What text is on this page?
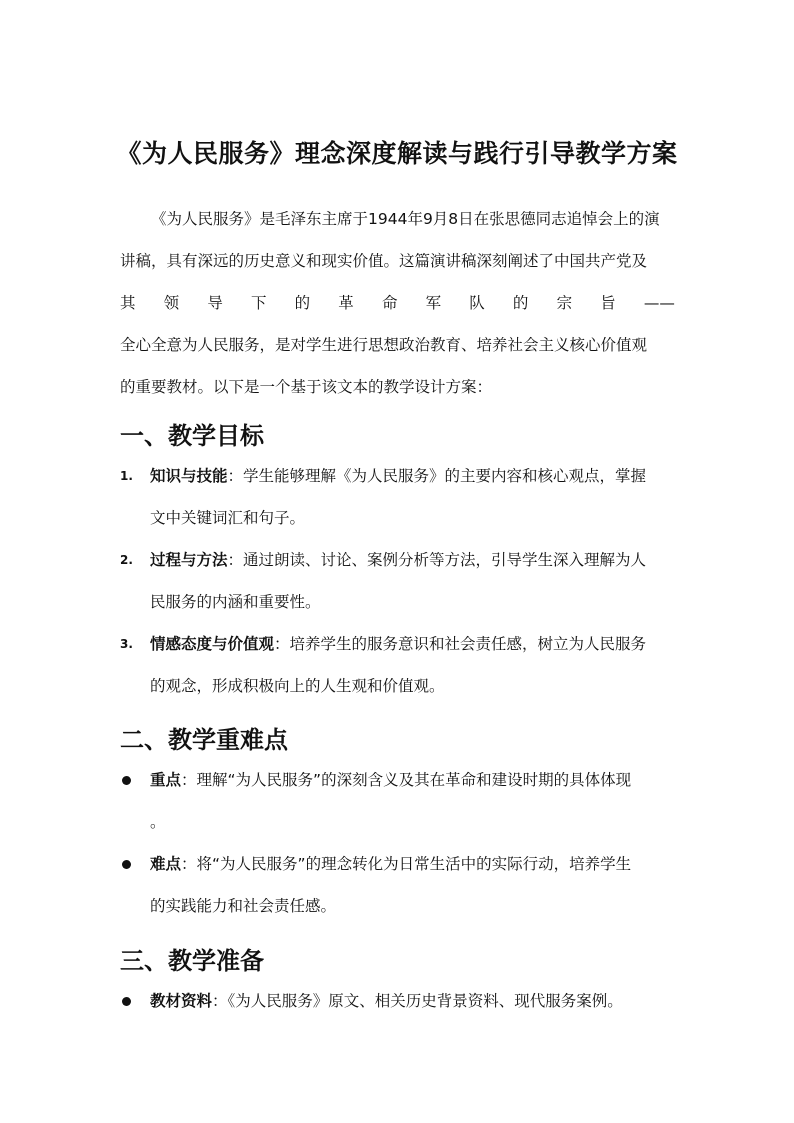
《为人民服务》理念深度解读与践行引导教学方案
《为人民服务》是毛泽东主席于1944年9月8日在张思德同志追悼会上的演
讲稿，具有深远的历史意义和现实价值。这篇演讲稿深刻阐述了中国共产党及
其 领 导 下 的 革 命 军 队 的 宗 旨 ——
全心全意为人民服务，是对学生进行思想政治教育、培养社会主义核心价值观
的重要教材。以下是一个基于该文本的教学设计方案：
一、教学目标
1. 知识与技能：学生能够理解《为人民服务》的主要内容和核心观点，掌握
文中关键词汇和句子。
2. 过程与方法：通过朗读、讨论、案例分析等方法，引导学生深入理解为人
民服务的内涵和重要性。
3. 情感态度与价值观：培养学生的服务意识和社会责任感，树立为人民服务
的观念，形成积极向上的人生观和价值观。
二、教学重难点
重点：理解“为人民服务”的深刻含义及其在革命和建设时期的具体体现
。
难点：将“为人民服务”的理念转化为日常生活中的实际行动，培养学生
的实践能力和社会责任感。
三、教学准备
教材资料：《为人民服务》原文、相关历史背景资料、现代服务案例。
